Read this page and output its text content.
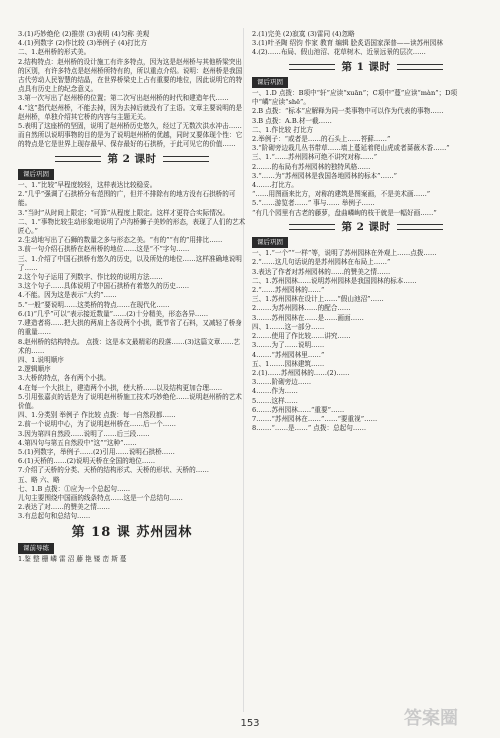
3.(1)巧妙绝伦 (2)推崇 (3)表明 (4)匀称 美观

4.(1)列数字 (2)作比较 (3)举例子 (4)打比方

二、1.赵州桥的形式美。

2.结构特点：赵州桥的设计施工有许多特点，因为这是赵州桥与其他桥梁突出的区别，有许多特点是赵州桥所特有的，所以重点介绍。说明：赵州桥是我国古代劳动人民智慧的结晶，在世界桥梁史上占有重要的地位，因此说明它的特点具有历史上的纪念意义。

3.第一次写出了赵州桥的位置；第二次写出赵州桥的时代和建造年代……

4.“这”指代赵州桥，不能去掉，因为去掉后就没有了主语。文章主要说明的是赵州桥，单独介绍其它桥的内容与主题无关。

5.表明了这座桥的坚固，说明了赵州桥历史悠久，经过了无数次洪水冲击……而自然所以说明事物的目的是为了说明赵州桥的优越，同时又要体现个性：它的特点是它是世界上现存最早、保存最好的石拱桥，于此可见它的价值……

第 2 课时
课后巩固

一、1.“比较”早程度较轻，这样表达比较稳妥。

2.“几乎”强调了石拱桥分布范围的广，但并不排除有的地方没有石拱桥的可能。

3.“当时”从时间上限定；“可算”从程度上限定。这样才更符合实际情况。

二、1.“事物比较生动形象地说明了卢沟桥狮子美妙的形态，表现了人们的艺术匠心。”

2.生动地写出了石狮的数量之多与形态之美。“有的”“有的”用排比……

3.前一句介绍石拱桥在赵州桥的地位……这是“不”字句……

三、1.介绍了中国石拱桥有悠久的历史，以及所处的地位……这样准确地说明了……

2.这个句子运用了列数字、作比较的说明方法……

3.这个句子……具体说明了中国石拱桥有着悠久的历史……

4.不能。因为这是表示“大约”……

5.“一般”要说明……这类桥的特点……在现代化……

6.(1)“几乎”可以“表示接近数量”……(2)十分精美，形态各异……

7.建造者将……把大拱的两肩上各设两个小拱，既节省了石料，又减轻了桥身的重量……

8.赵州桥的结构特点。 点拨：这是本文最精彩的段落……(3)这篇文章……艺术的……

四、1.说明顺序

2.逻辑顺序

3.大桥的特点，各有两个小拱。

4.在每一个大拱上，建造两个小拱，使大桥……以及结构更加合理……

5.引用张嘉贞的话是为了说明赵州桥施工技术巧妙绝伦……说明赵州桥的艺术价值。

四、1.分类别 举例子 作比较 点拨：每一自然段都……

2.前一个说明中心，为了说明赵州桥在……后一个……

3.因为第四自然段……说明了……后三段……

4.第四句与第五自然段中“这”“这种”……

5.(1)列数字，举例子……(2)引用……说明石拱桥……

6.(1)天桥的……(2)说明天桥在全国的地位……

7.介绍了天桥的分类、天桥的结构形式、天桥的形状、天桥的……

五、略 六、略

七、1.B 点拨：①应为一个总起句……

儿句主要围绕中国画的线条特点……这是一个总结句……

2.表达了对……的赞美之情……

3.有总起句和总结句……

第 18 课 苏州园林
课前导练

1.鉴 整 栅 嶙 雷 沼 藤 艳 镂 峦 斯 蔓

2.(1)完美 (2)寂寞 (3)雷同 (4)忽略

3.(1)叶圣陶 绍钧 作家 教育 编辑 脍炙语国家深普——读苏州园林

4.(2)……布局、假山池沼、花草树木、近景远景的层次……

第 1 课时
课后巩固

一、1.D 点拨：B项中“轩”应读“xuān”；C项中“蔓”应读“màn”；D项中“嶙”应读“shē”。

2.B 点拨：“标本”应解释为同一类事物中可以作为代表的事物……

3.B 点拨：A.B.材一截……

二、1.作比较 打比方

2.举例子：“或者是……的石头上……苔藓……”

3.“阶砌旁边栽几丛书带草……墙上蔓延着爬山虎或者蔷薇木香……”

三、1.“……苏州园林可绝不讲究对称……”

2.……的布局有苏州园林的独特风格……

3.“……为“苏州园林是我国各地园林的标本”……”

4.……打比方。

“……用图画来比方，对称的建筑是图案画，不是美术画……”

5.“……游览者……” 事与…… 举例子……

“有几个园里有古老的藤萝，盘曲嶙峋的枝干就是一幅好画……”

第 2 课时
课后巩固

一、1.“一个”“一样”等，说明了苏州园林在外观上……点拨……

2.“……这几句话说的是苏州园林在布局上……”

3.表达了作者对苏州园林的……的赞美之情……

二、1.苏州园林……说明苏州园林是我国园林的标本……

2.“……苏州园林的……”

三、1.苏州园林在设计上……“假山池沼”……

2.……为苏州园林……的配合……

3.……苏州园林在……是……画面……

四、1.……这一部分……

2.……使用了作比较……讲究……

3.……为了……说明……

4.……“苏州园林里……”

五、1.……园林建筑……

2.(1)……苏州园林的……(2)……

3.……阶砌旁边……

4.……作为……

5.……这样……

6.……苏州园林……“重要”……

7.……“苏州园林在……”……“要重视”……

8.……“……是……” 点拨：总起句……

153	答案圈
